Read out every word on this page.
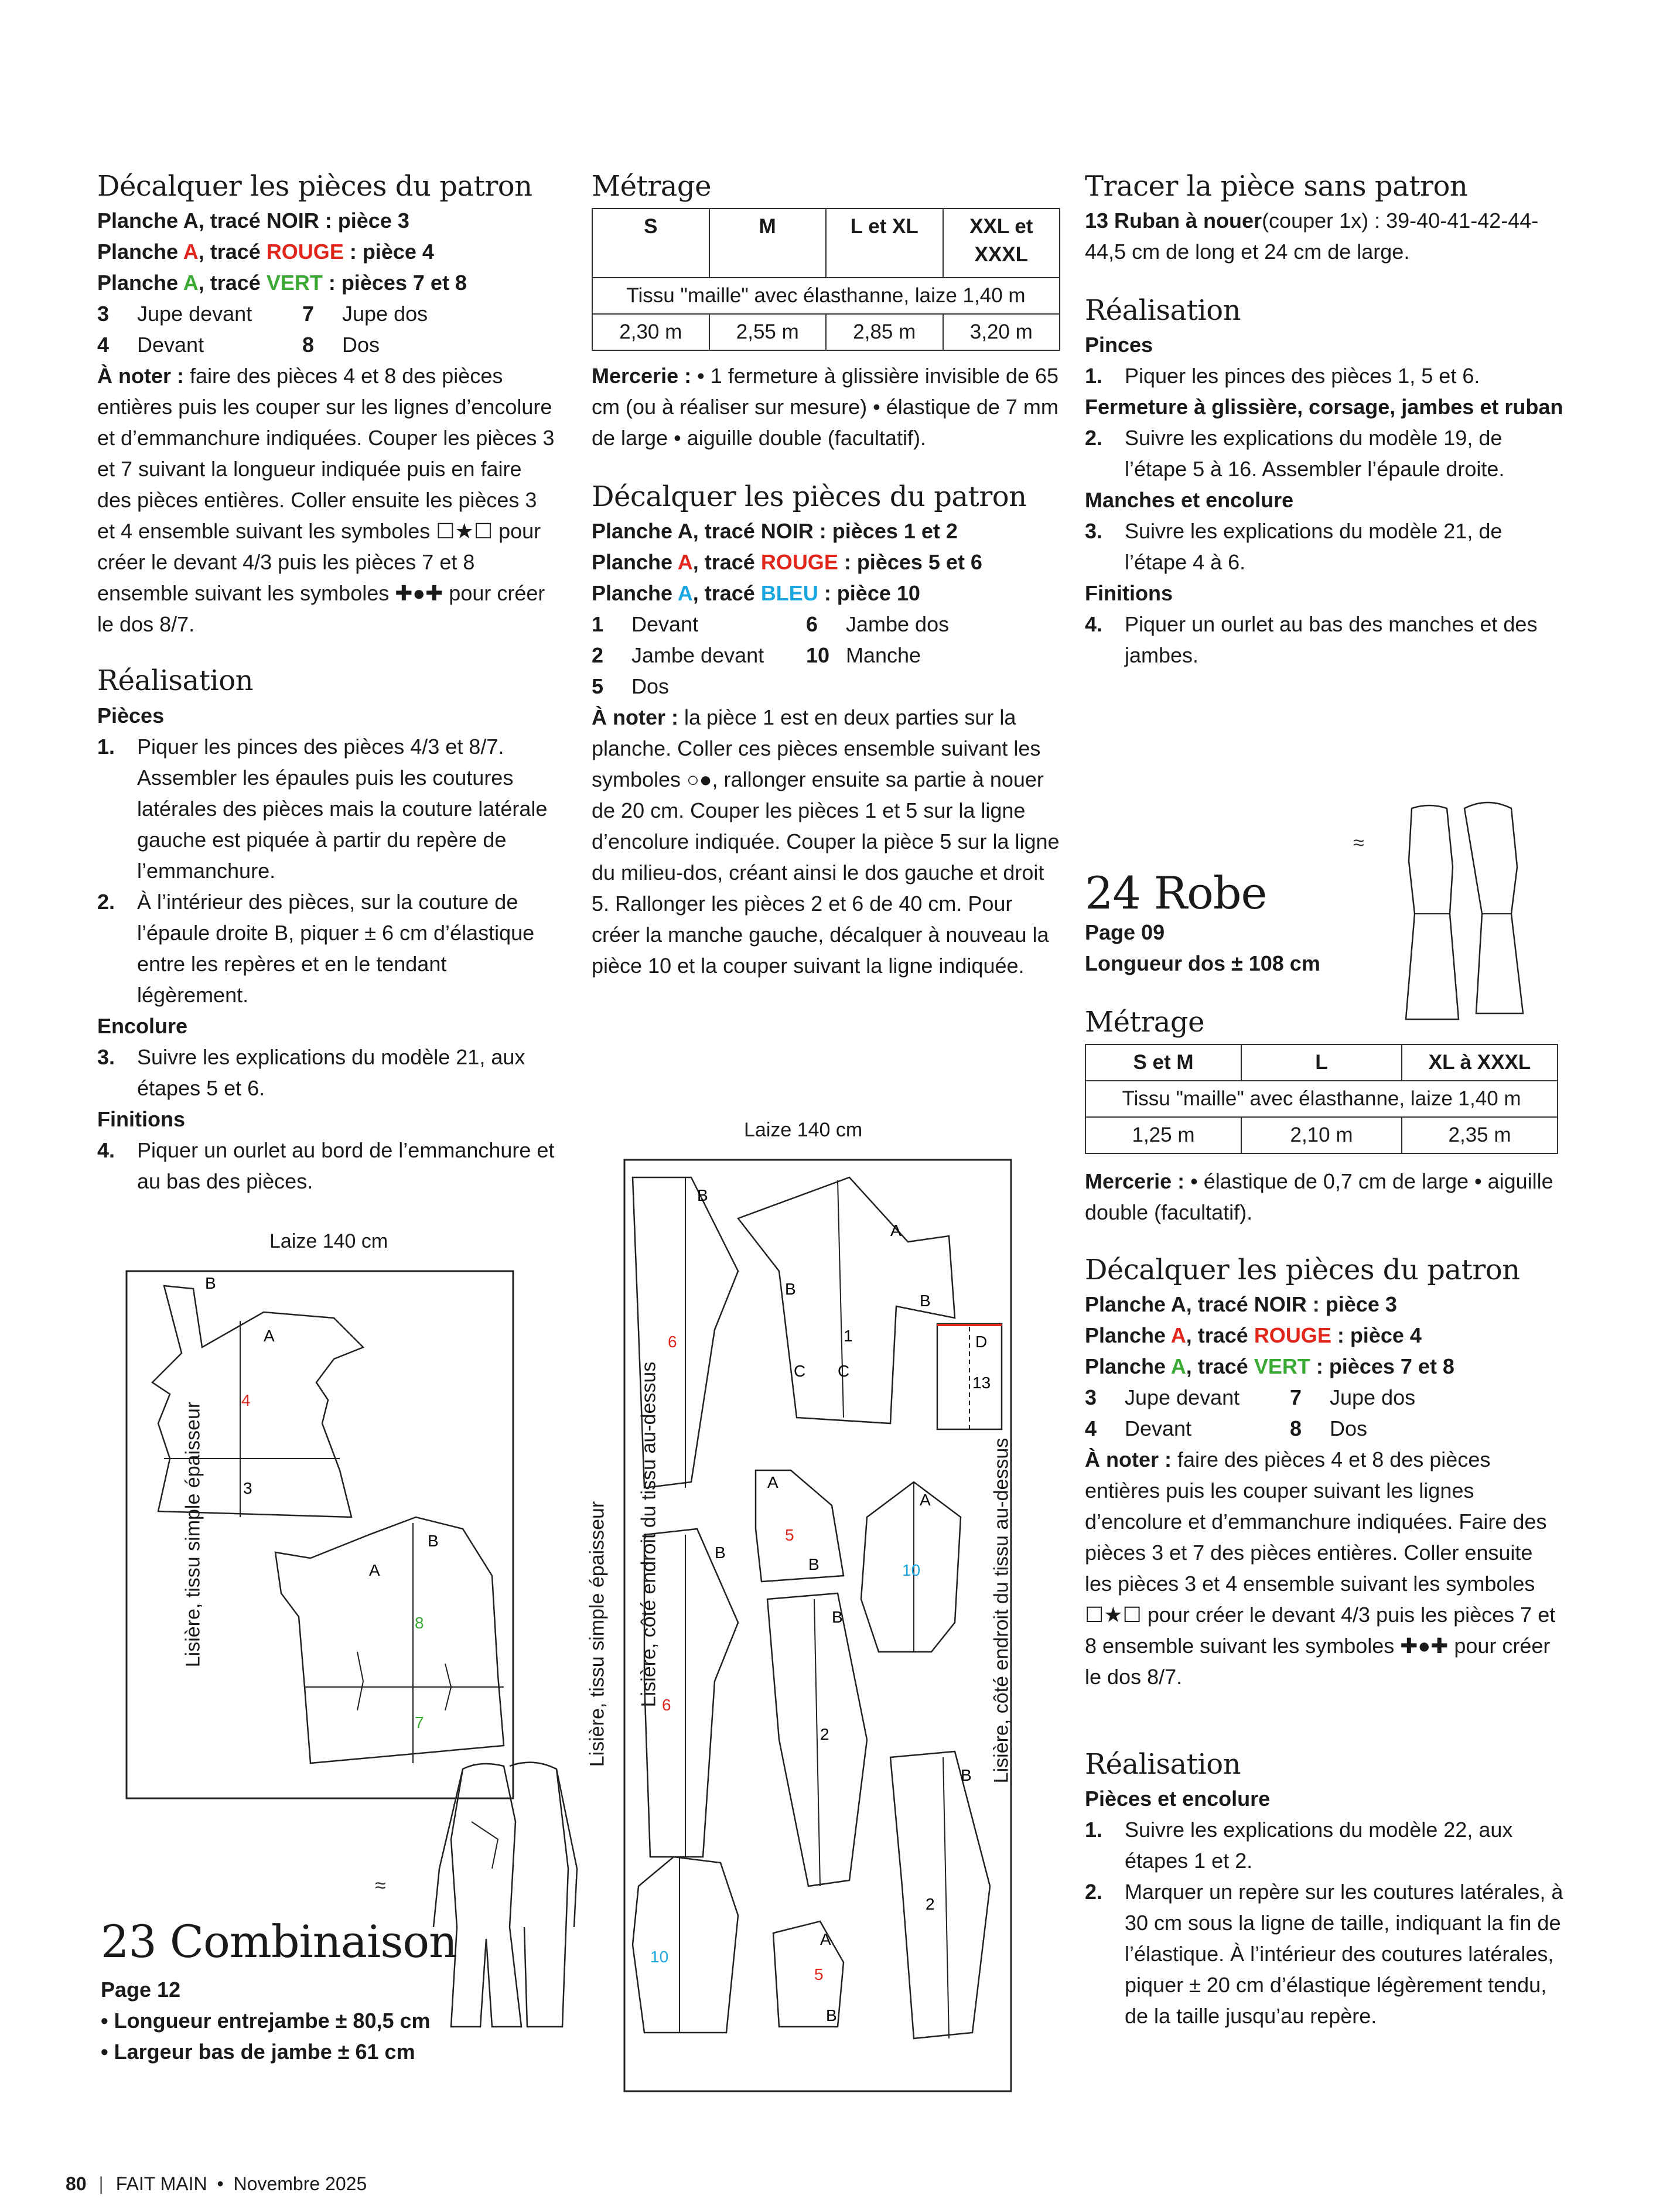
Décalquer les pièces du patron

Planche A, tracé NOIR : pièce 3

Planche A, tracé ROUGE : pièce 4

Planche A, tracé VERT : pièces 7 et 8

3 Jupe devant	7 Jupe dos
4 Devant	8 Dos

À noter : faire des pièces 4 et 8 des pièces entières puis les couper sur les lignes d’encolure et d’emmanchure indiquées. Couper les pièces 3 et 7 suivant la longueur indiquée puis en faire des pièces entières. Coller ensuite les pièces 3 et 4 ensemble suivant les symboles ☐★☐ pour créer le devant 4/3 puis les pièces 7 et 8 ensemble suivant les symboles ✚●✚ pour créer le dos 8/7.

Réalisation

Pièces

1. Piquer les pinces des pièces 4/3 et 8/7. Assembler les épaules puis les coutures latérales des pièces mais la couture latérale gauche est piquée à partir du repère de l’emmanchure.
2. À l’intérieur des pièces, sur la couture de l’épaule droite B, piquer ± 6 cm d’élastique entre les repères et en le tendant légèrement.

Encolure

3. Suivre les explications du modèle 21, aux étapes 5 et 6.

Finitions

4. Piquer un ourlet au bord de l’emmanchure et au bas des pièces.
Laize 140 cm
Lisière, tissu simple épaisseur	Lisière, côté endroit du tissu au-dessus
B
A
4
3
A
B
8
7
≈
23 Combinaison

Page 12

• Longueur entrejambe ± 80,5 cm

• Largeur bas de jambe ± 61 cm

Métrage
S	M	L et XL	XXL et XXXL
Tissu "maille" avec élasthanne, laize 1,40 m			
2,30 m	2,55 m	2,85 m	3,20 m

Mercerie : • 1 fermeture à glissière invisible de 65 cm (ou à réaliser sur mesure) • élastique de 7 mm de large • aiguille double (facultatif).

Décalquer les pièces du patron

Planche A, tracé NOIR : pièces 1 et 2

Planche A, tracé ROUGE : pièces 5 et 6

Planche A, tracé BLEU : pièce 10

1 Devant	6 Jambe dos
2 Jambe devant	10 Manche
5 Dos

À noter : la pièce 1 est en deux parties sur la planche. Coller ces pièces ensemble suivant les symboles ○●, rallonger ensuite sa partie à nouer de 20 cm. Couper les pièces 1 et 5 sur la ligne d’encolure indiquée. Couper la pièce 5 sur la ligne du milieu-dos, créant ainsi le dos gauche et droit 5. Rallonger les pièces 2 et 6 de 40 cm. Pour créer la manche gauche, décalquer à nouveau la pièce 10 et la couper suivant la ligne indiquée.

Laize 140 cm
Lisière, tissu simple épaisseur	Lisière, côté endroit du tissu au-dessus
6
B
1
C C
A
B
B
D
13
A
5
B	10
A
6
B
2
B
2
B
10
A
5
B
Tracer la pièce sans patron

13 Ruban à nouer(couper 1x) : 39-40-41-42-44-44,5 cm de long et 24 cm de large.

Réalisation

Pinces

1. Piquer les pinces des pièces 1, 5 et 6.

Fermeture à glissière, corsage, jambes et ruban

2. Suivre les explications du modèle 19, de l’étape 5 à 16. Assembler l’épaule droite.

Manches et encolure

3. Suivre les explications du modèle 21, de l’étape 4 à 6.

Finitions

4. Piquer un ourlet au bas des manches et des jambes.
≈
24 Robe

Page 09

Longueur dos ± 108 cm

Métrage
S et M	L	XL à XXXL
Tissu "maille" avec élasthanne, laize 1,40 m		
1,25 m	2,10 m	2,35 m

Mercerie : • élastique de 0,7 cm de large • aiguille double (facultatif).

Décalquer les pièces du patron

Planche A, tracé NOIR : pièce 3

Planche A, tracé ROUGE : pièce 4

Planche A, tracé VERT : pièces 7 et 8

3 Jupe devant	7 Jupe dos
4 Devant	8 Dos

À noter : faire des pièces 4 et 8 des pièces entières puis les couper suivant les lignes d’encolure et d’emmanchure indiquées. Faire des pièces 3 et 7 des pièces entières. Coller ensuite les pièces 3 et 4 ensemble suivant les symboles ☐★☐ pour créer le devant 4/3 puis les pièces 7 et 8 ensemble suivant les symboles ✚●✚ pour créer le dos 8/7.

Réalisation

Pièces et encolure

1. Suivre les explications du modèle 22, aux étapes 1 et 2.
2. Marquer un repère sur les coutures latérales, à 30 cm sous la ligne de taille, indiquant la fin de l’élastique. À l’intérieur des coutures latérales, piquer ± 20 cm d’élastique légèrement tendu, de la taille jusqu’au repère.
80 | FAIT MAIN • Novembre 2025
